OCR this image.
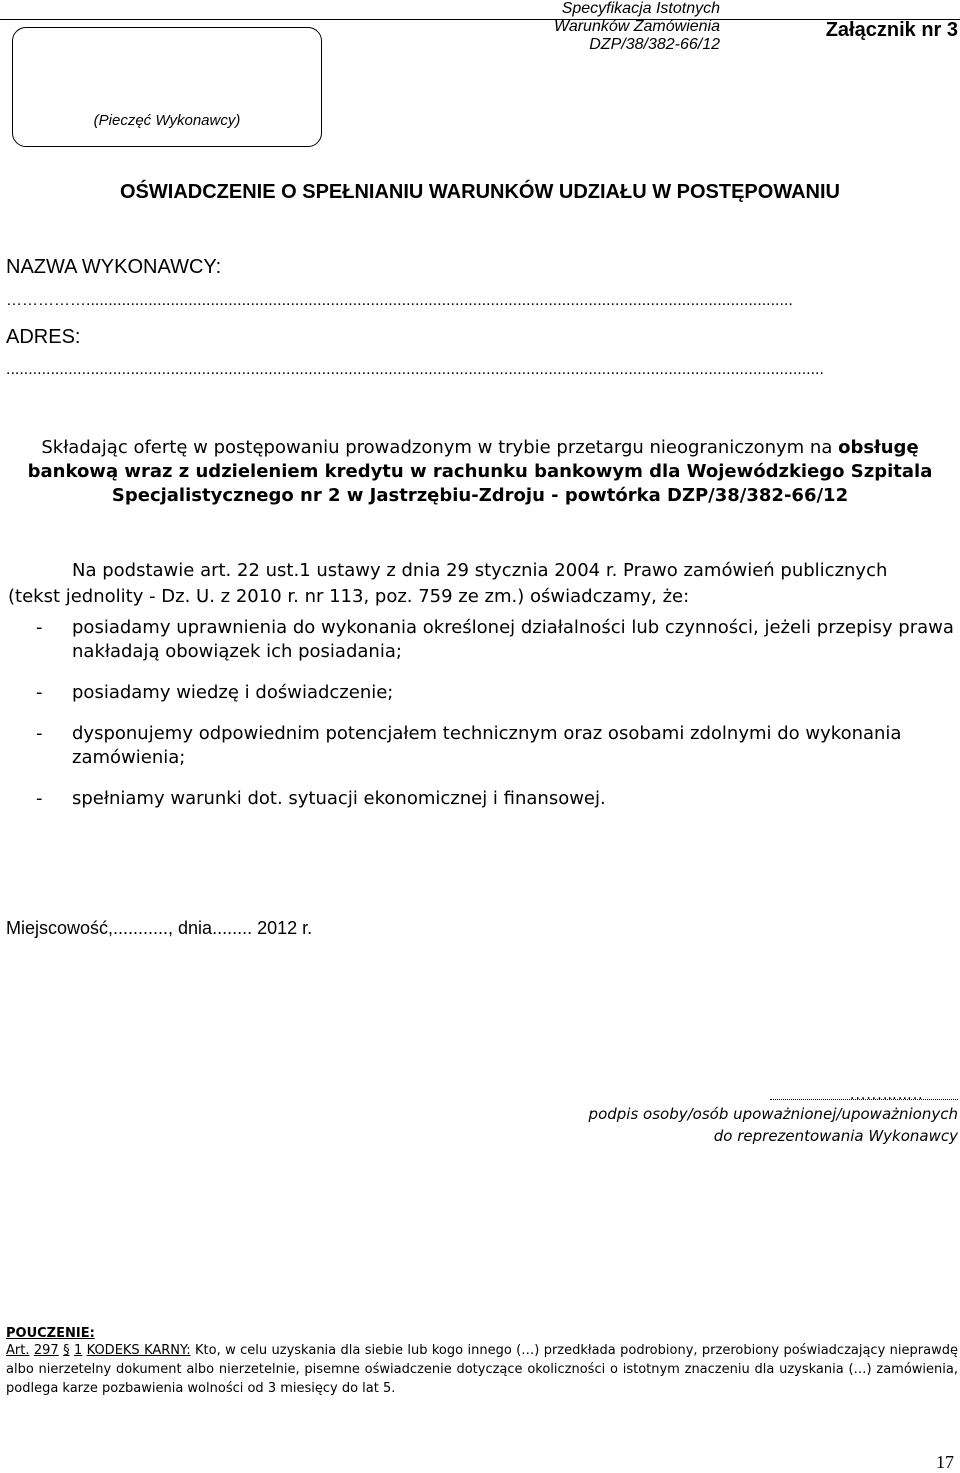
Specyfikacja Istotnych Warunków Zamówienia DZP/38/382-66/12
Załącznik nr 3
(Pieczęć Wykonawcy)
OŚWIADCZENIE O SPEŁNIANIU WARUNKÓW UDZIAŁU W POSTĘPOWANIU
NAZWA WYKONAWCY:
……………...............................................................................................................................................................
ADRES:
........................................................................................................................................................................................
Składając ofertę w postępowaniu prowadzonym w trybie przetargu nieograniczonym na obsługę bankową wraz z udzieleniem kredytu w rachunku bankowym dla Wojewódzkiego Szpitala Specjalistycznego nr 2 w Jastrzębiu-Zdroju - powtórka DZP/38/382-66/12
Na podstawie art. 22 ust.1 ustawy z dnia 29 stycznia 2004 r. Prawo zamówień publicznych
(tekst jednolity - Dz. U. z 2010 r. nr 113, poz. 759 ze zm.) oświadczamy, że:
- posiadamy uprawnienia do wykonania określonej działalności lub czynności, jeżeli przepisy prawa nakładają obowiązek ich posiadania;
- posiadamy wiedzę i doświadczenie;
- dysponujemy odpowiednim potencjałem technicznym oraz osobami zdolnymi do wykonania zamówienia;
- spełniamy warunki dot. sytuacji ekonomicznej i finansowej.
Miejscowość,..........., dnia........ 2012 r.
......……..
podpis osoby/osób upoważnionej/upoważnionych
do reprezentowania Wykonawcy
POUCZENIE:
Art. 297 § 1 KODEKS KARNY: Kto, w celu uzyskania dla siebie lub kogo innego (…) przedkłada podrobiony, przerobiony poświadczający nieprawdę albo nierzetelny dokument albo nierzetelnie, pisemne oświadczenie dotyczące okoliczności o istotnym znaczeniu dla uzyskania (…) zamówienia, podlega karze pozbawienia wolności od 3 miesięcy do lat 5.
17
